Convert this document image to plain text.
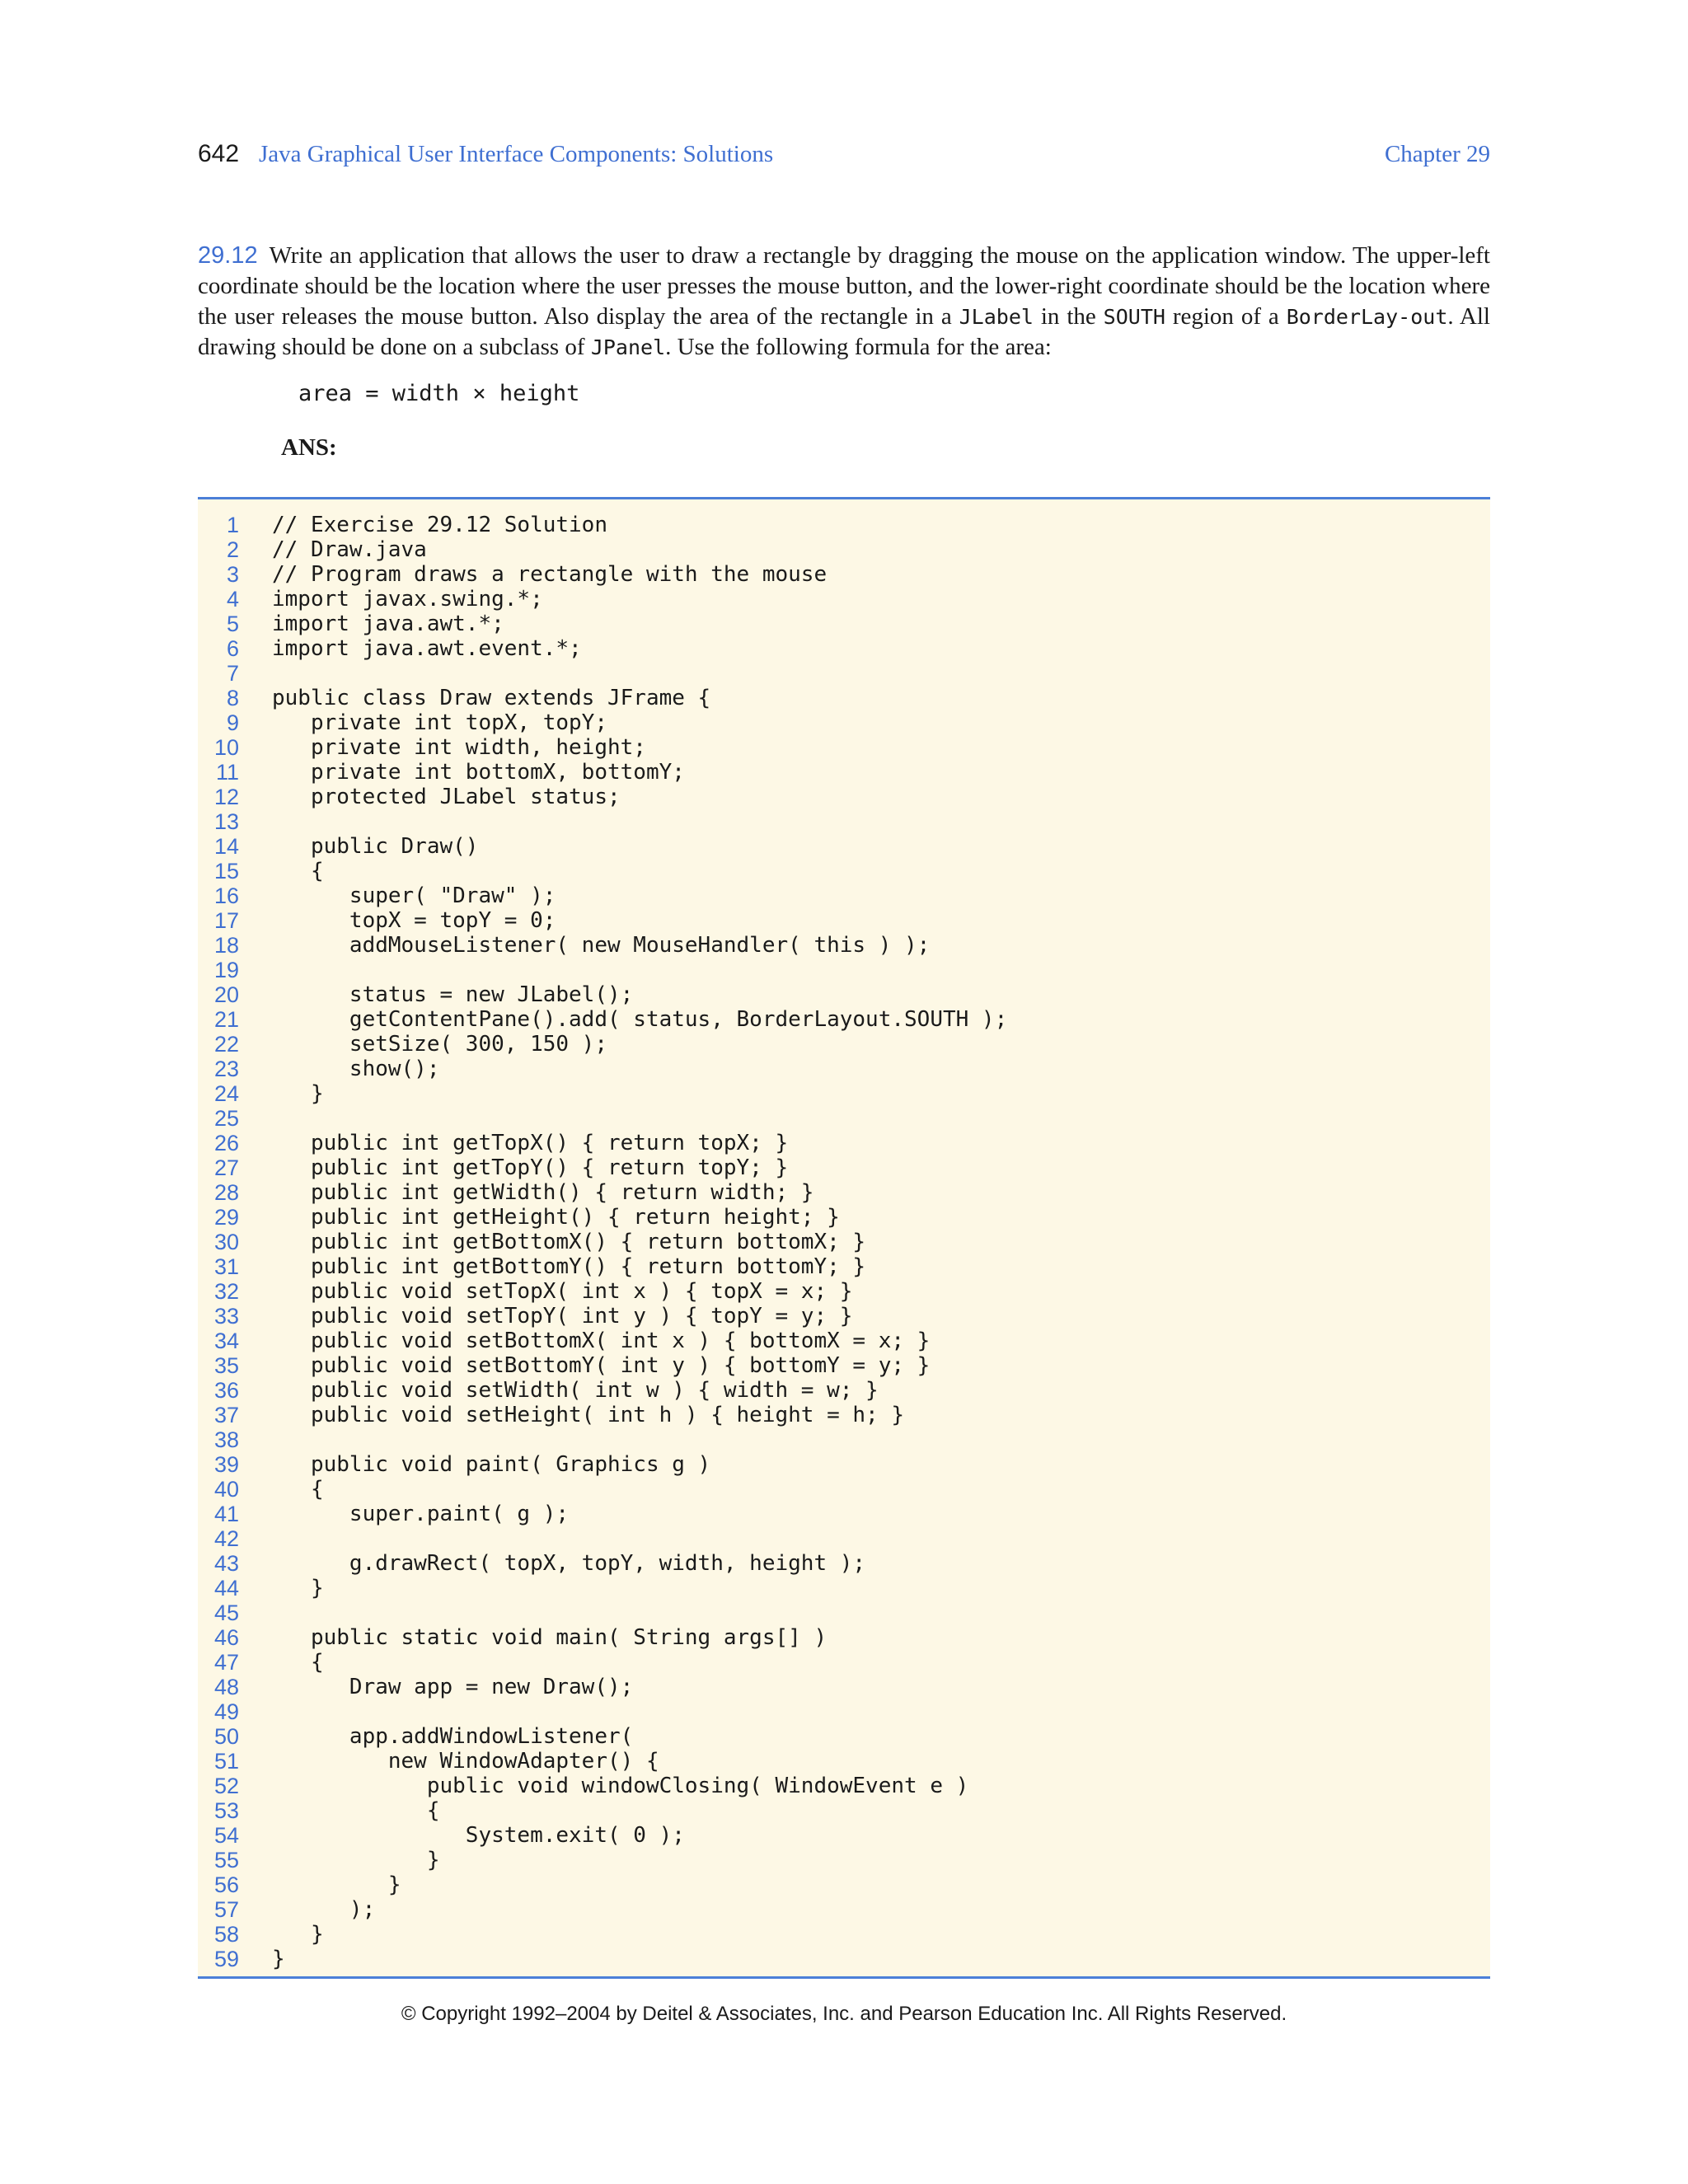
642 Java Graphical User Interface Components: Solutions	Chapter 29
29.12 Write an application that allows the user to draw a rectangle by dragging the mouse on the application window. The upper-left coordinate should be the location where the user presses the mouse button, and the lower-right coordinate should be the location where the user releases the mouse button. Also display the area of the rectangle in a JLabel in the SOUTH region of a BorderLay-out. All drawing should be done on a subclass of JPanel. Use the following formula for the area:
area = width × height
ANS:
1 // Exercise 29.12 Solution
2 // Draw.java
3 // Program draws a rectangle with the mouse
4 import javax.swing.*;
5 import java.awt.*;
6 import java.awt.event.*;
7
8 public class Draw extends JFrame {
9 private int topX, topY;
10 private int width, height;
11 private int bottomX, bottomY;
12 protected JLabel status;
13
14 public Draw()
15 {
16 super( "Draw" );
17 topX = topY = 0;
18 addMouseListener( new MouseHandler( this ) );
19
20 status = new JLabel();
21 getContentPane().add( status, BorderLayout.SOUTH );
22 setSize( 300, 150 );
23 show();
24 }
25
26 public int getTopX() { return topX; }
27 public int getTopY() { return topY; }
28 public int getWidth() { return width; }
29 public int getHeight() { return height; }
30 public int getBottomX() { return bottomX; }
31 public int getBottomY() { return bottomY; }
32 public void setTopX( int x ) { topX = x; }
33 public void setTopY( int y ) { topY = y; }
34 public void setBottomX( int x ) { bottomX = x; }
35 public void setBottomY( int y ) { bottomY = y; }
36 public void setWidth( int w ) { width = w; }
37 public void setHeight( int h ) { height = h; }
38
39 public void paint( Graphics g )
40 {
41 super.paint( g );
42
43 g.drawRect( topX, topY, width, height );
44 }
45
46 public static void main( String args[] )
47 {
48 Draw app = new Draw();
49
50 app.addWindowListener(
51 new WindowAdapter() {
52 public void windowClosing( WindowEvent e )
53 {
54 System.exit( 0 );
55 }
56 }
57 );
58 }
59 }
© Copyright 1992–2004 by Deitel & Associates, Inc. and Pearson Education Inc. All Rights Reserved.
